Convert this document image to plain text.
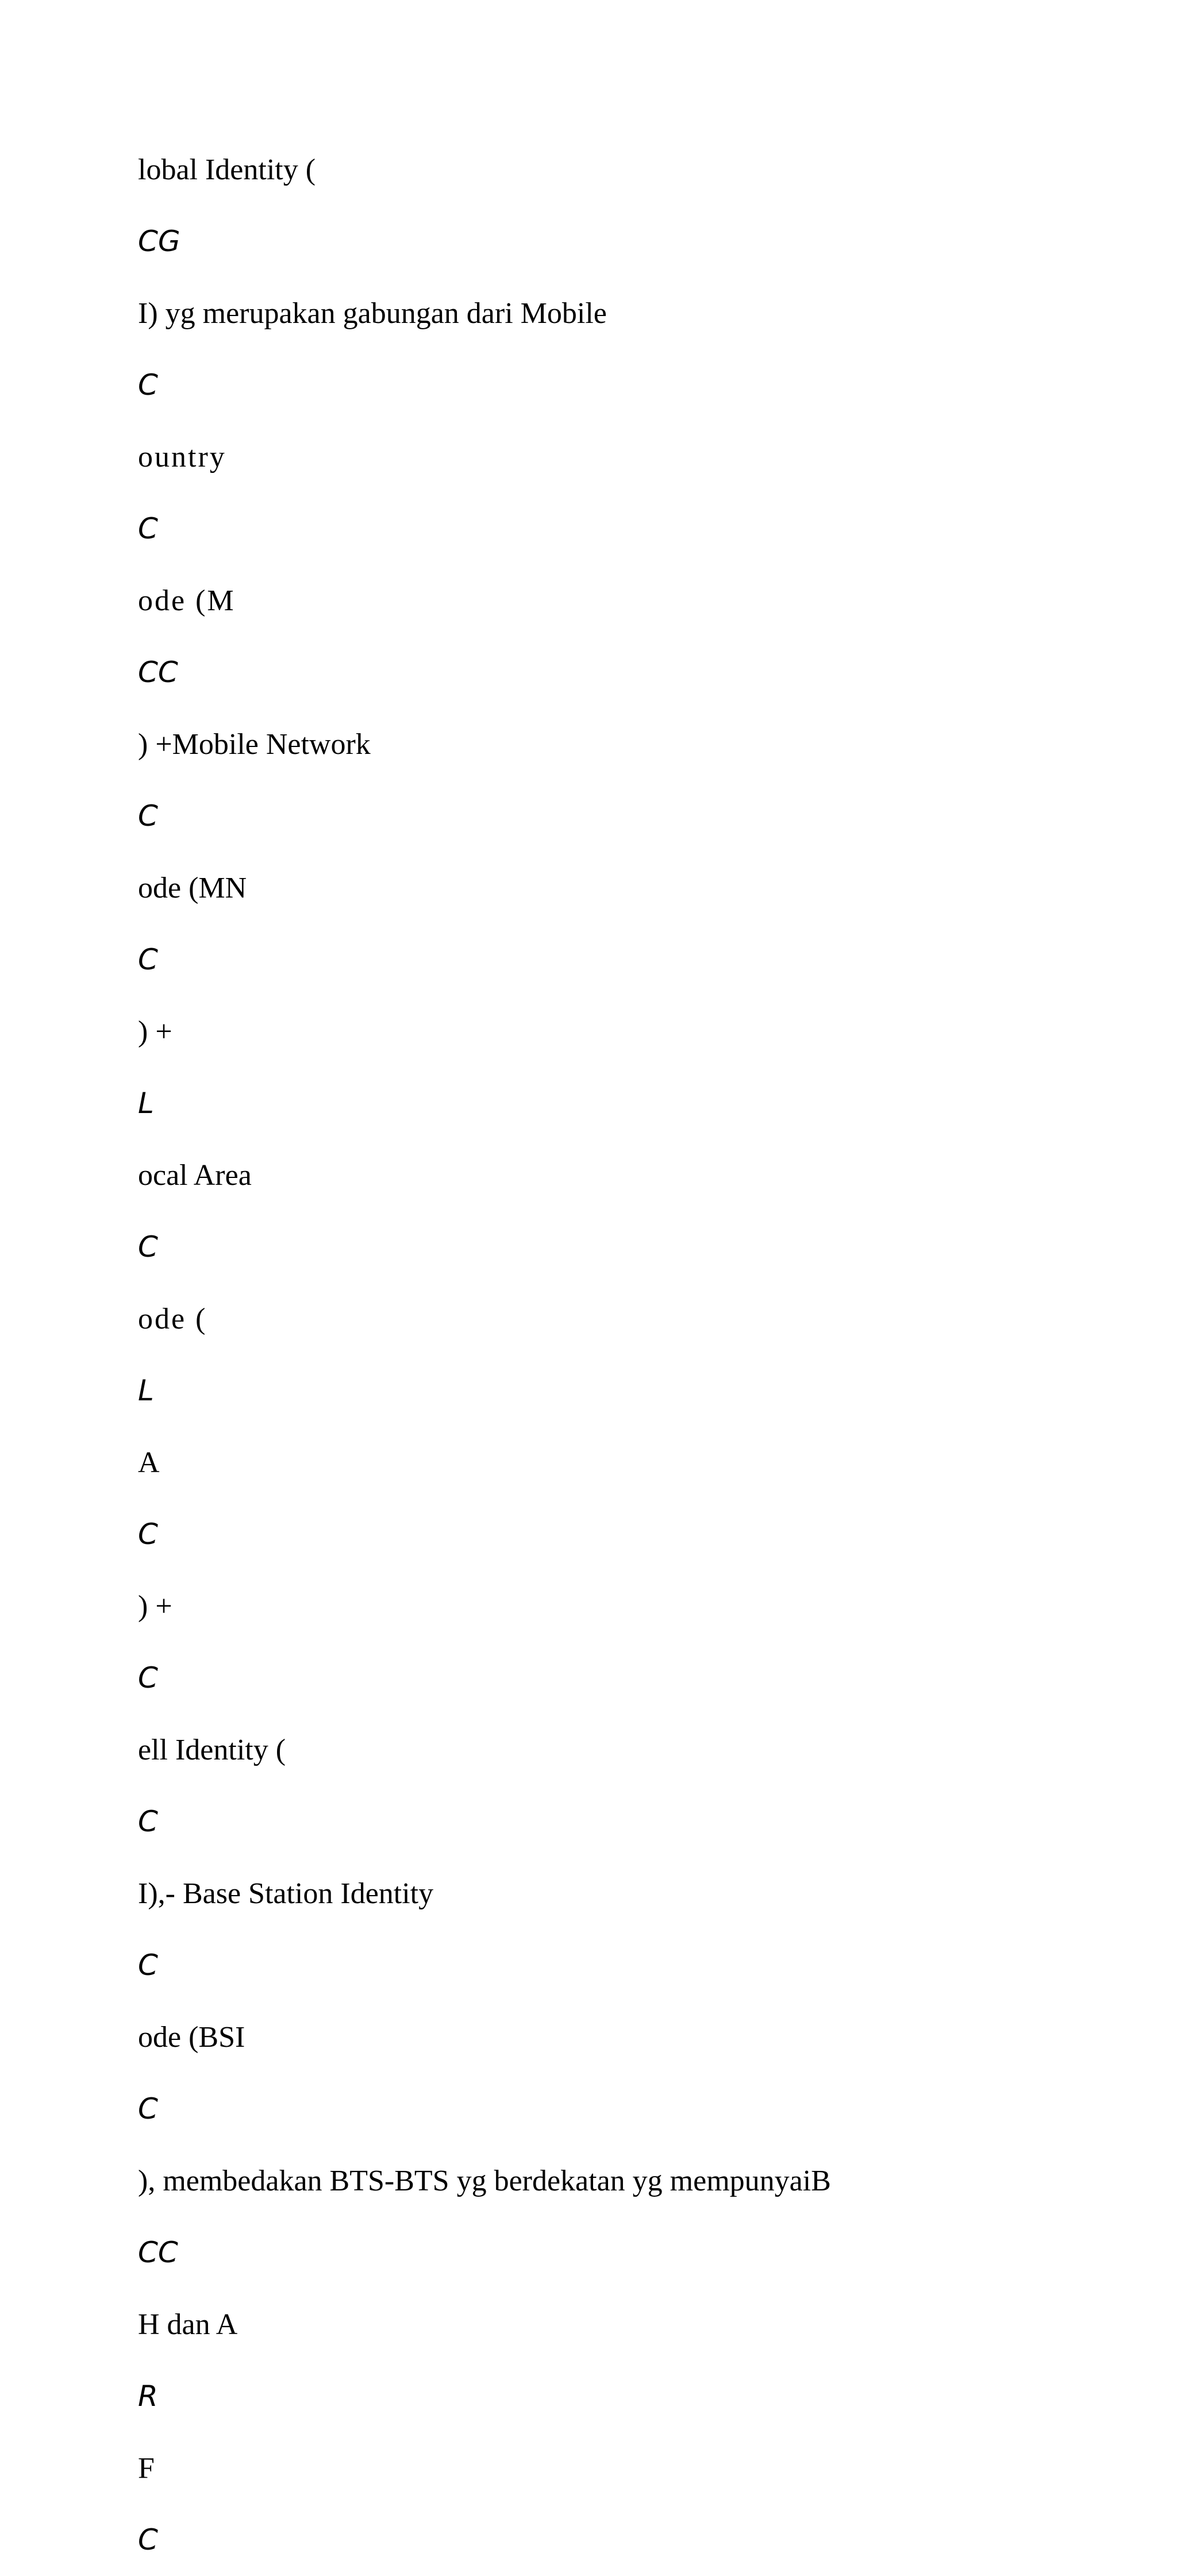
lobal Identity (
CG
I) yg merupakan gabungan dari Mobile
C
ountry
C
ode (M
CC
) +Mobile Network
C
ode (MN
C
) +
L
ocal Area
C
ode (
L
A
C
) +
C
ell Identity (
C
I),- Base Station Identity
C
ode (BSI
C
), membedakan BTS-BTS yg berdekatan yg mempunyaiB
CC
H dan A
R
F
C
